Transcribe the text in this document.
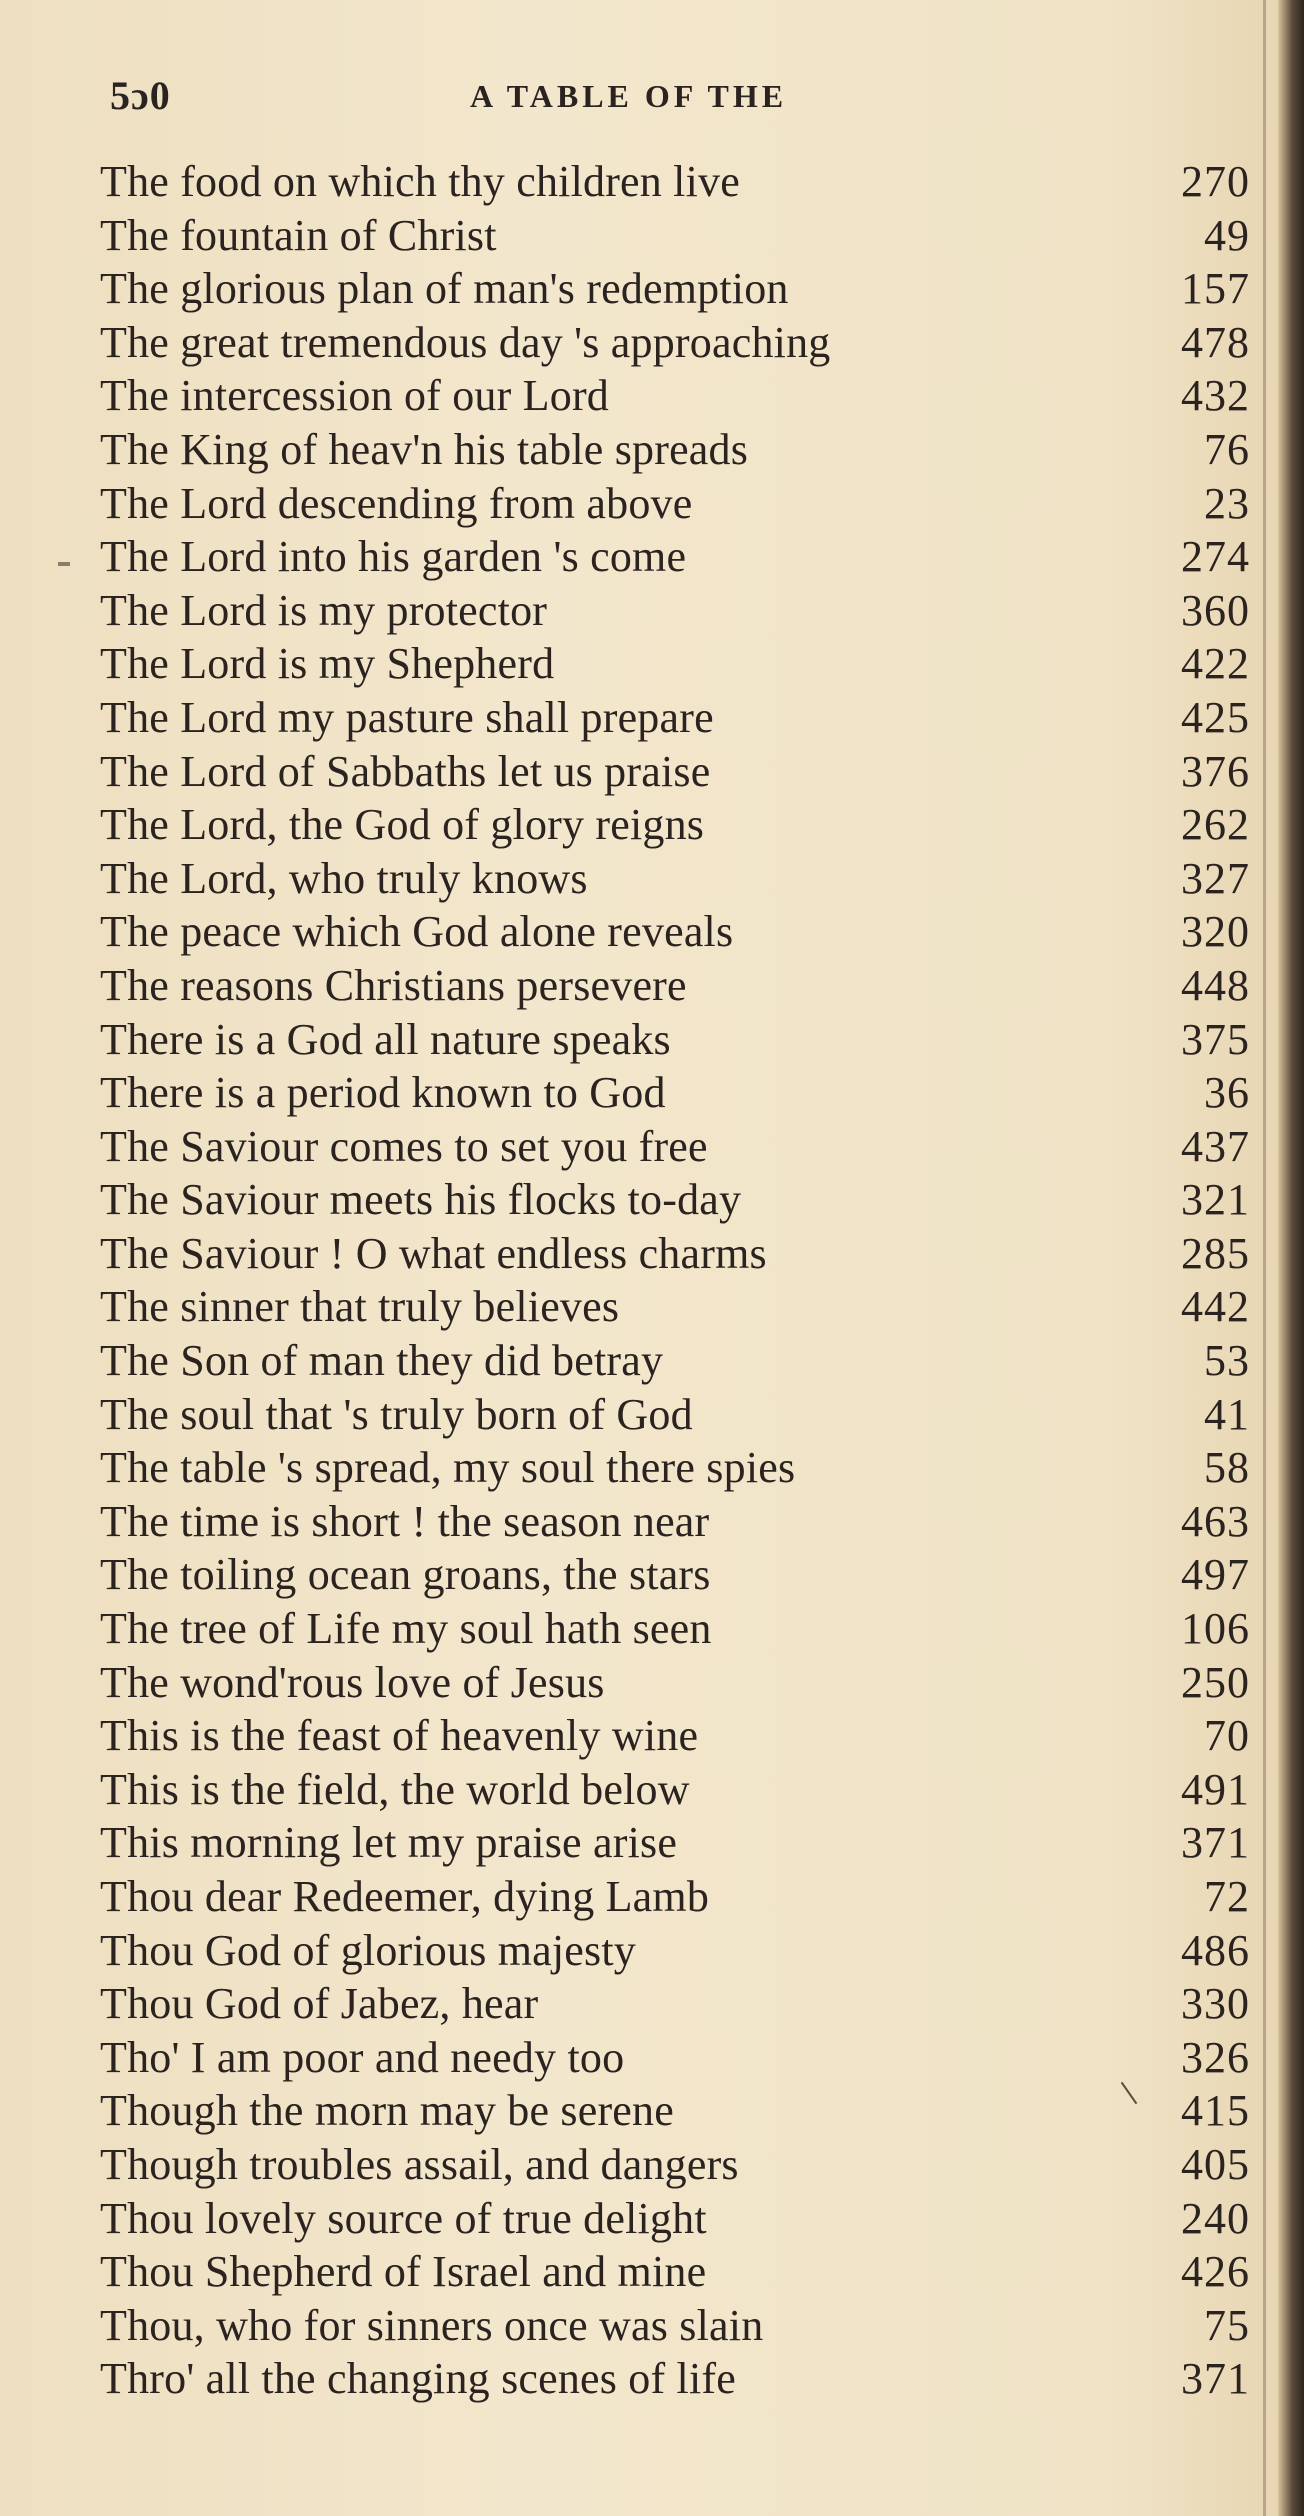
5ɔ0	A TABLE OF THE
The food on which thy children live	270
The fountain of Christ	49
The glorious plan of man's redemption	157
The great tremendous day 's approaching	478
The intercession of our Lord	432
The King of heav'n his table spreads	76
The Lord descending from above	23
The Lord into his garden 's come	274
The Lord is my protector	360
The Lord is my Shepherd	422
The Lord my pasture shall prepare	425
The Lord of Sabbaths let us praise	376
The Lord, the God of glory reigns	262
The Lord, who truly knows	327
The peace which God alone reveals	320
The reasons Christians persevere	448
There is a God all nature speaks	375
There is a period known to God	36
The Saviour comes to set you free	437
The Saviour meets his flocks to-day	321
The Saviour ! O what endless charms	285
The sinner that truly believes	442
The Son of man they did betray	53
The soul that 's truly born of God	41
The table 's spread, my soul there spies	58
The time is short ! the season near	463
The toiling ocean groans, the stars	497
The tree of Life my soul hath seen	106
The wond'rous love of Jesus	250
This is the feast of heavenly wine	70
This is the field, the world below	491
This morning let my praise arise	371
Thou dear Redeemer, dying Lamb	72
Thou God of glorious majesty	486
Thou God of Jabez, hear	330
Tho' I am poor and needy too	326
Though the morn may be serene	415
Though troubles assail, and dangers	405
Thou lovely source of true delight	240
Thou Shepherd of Israel and mine	426
Thou, who for sinners once was slain	75
Thro' all the changing scenes of life	371
